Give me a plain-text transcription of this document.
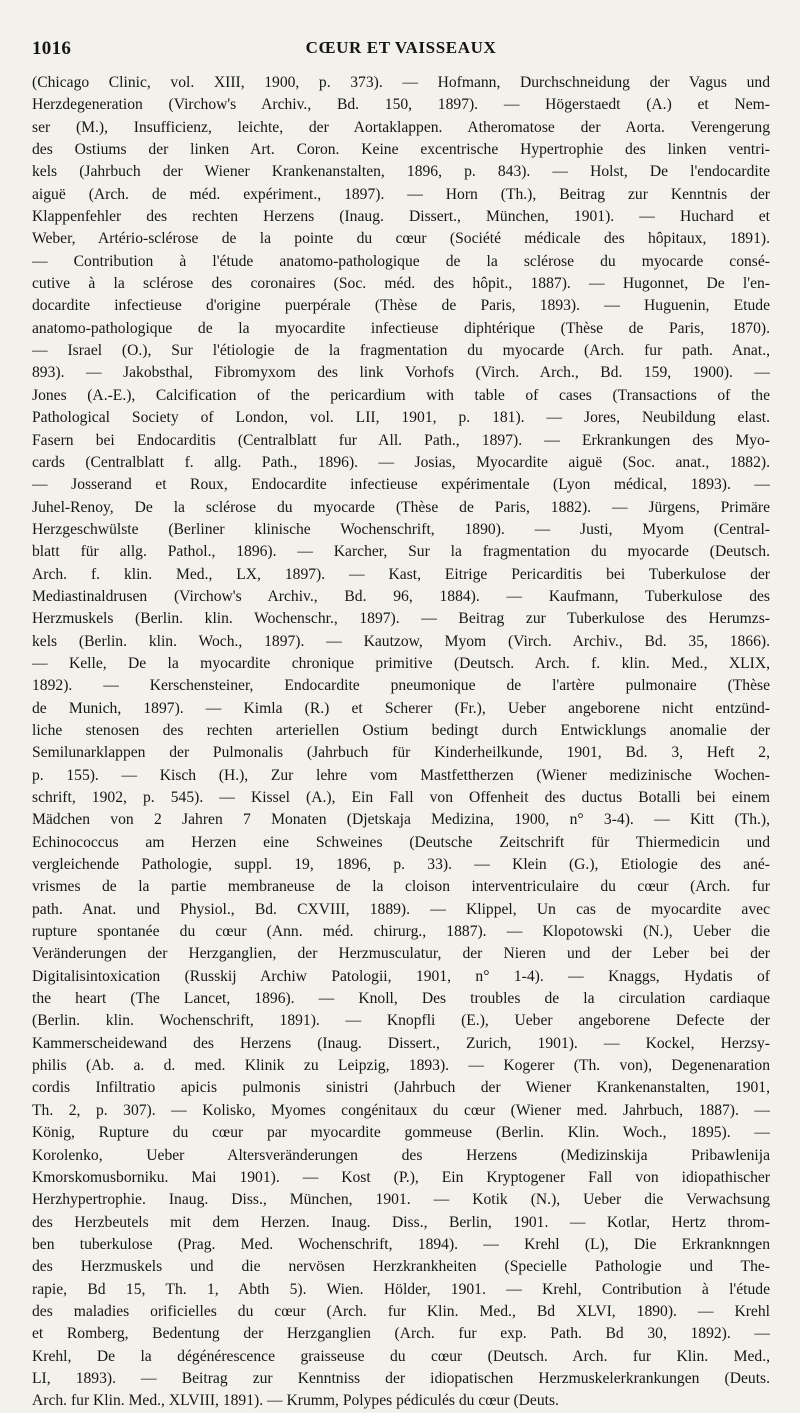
1016	CŒUR ET VAISSEAUX
(Chicago Clinic, vol. XIII, 1900, p. 373). — Hofmann, Durchschneidung der Vagus und
Herzdegeneration (Virchow's Archiv., Bd. 150, 1897). — Högerstaedt (A.) et Nem-
ser (M.), Insufficienz, leichte, der Aortaklappen. Atheromatose der Aorta. Verengerung
des Ostiums der linken Art. Coron. Keine excentrische Hypertrophie des linken ventri-
kels (Jahrbuch der Wiener Krankenanstalten, 1896, p. 843). — Holst, De l'endocardite
aiguë (Arch. de méd. expériment., 1897). — Horn (Th.), Beitrag zur Kenntnis der
Klappenfehler des rechten Herzens (Inaug. Dissert., München, 1901). — Huchard et
Weber, Artério-sclérose de la pointe du cœur (Société médicale des hôpitaux, 1891).
— Contribution à l'étude anatomo-pathologique de la sclérose du myocarde consé-
cutive à la sclérose des coronaires (Soc. méd. des hôpit., 1887). — Hugonnet, De l'en-
docardite infectieuse d'origine puerpérale (Thèse de Paris, 1893). — Huguenin, Etude
anatomo-pathologique de la myocardite infectieuse diphtérique (Thèse de Paris, 1870).
— Israel (O.), Sur l'étiologie de la fragmentation du myocarde (Arch. fur path. Anat.,
893). — Jakobsthal, Fibromyxom des link Vorhofs (Virch. Arch., Bd. 159, 1900). —
Jones (A.-E.), Calcification of the pericardium with table of cases (Transactions of the
Pathological Society of London, vol. LII, 1901, p. 181). — Jores, Neubildung elast.
Fasern bei Endocarditis (Centralblatt fur All. Path., 1897). — Erkrankungen des Myo-
cards (Centralblatt f. allg. Path., 1896). — Josias, Myocardite aiguë (Soc. anat., 1882).
— Josserand et Roux, Endocardite infectieuse expérimentale (Lyon médical, 1893). —
Juhel-Renoy, De la sclérose du myocarde (Thèse de Paris, 1882). — Jürgens, Primäre
Herzgeschwülste (Berliner klinische Wochenschrift, 1890). — Justi, Myom (Central-
blatt für allg. Pathol., 1896). — Karcher, Sur la fragmentation du myocarde (Deutsch.
Arch. f. klin. Med., LX, 1897). — Kast, Eitrige Pericarditis bei Tuberkulose der
Mediastinaldrusen (Virchow's Archiv., Bd. 96, 1884). — Kaufmann, Tuberkulose des
Herzmuskels (Berlin. klin. Wochenschr., 1897). — Beitrag zur Tuberkulose des Herumzs-
kels (Berlin. klin. Woch., 1897). — Kautzow, Myom (Virch. Archiv., Bd. 35, 1866).
— Kelle, De la myocardite chronique primitive (Deutsch. Arch. f. klin. Med., XLIX,
1892). — Kerschensteiner, Endocardite pneumonique de l'artère pulmonaire (Thèse
de Munich, 1897). — Kimla (R.) et Scherer (Fr.), Ueber angeborene nicht entzünd-
liche stenosen des rechten arteriellen Ostium bedingt durch Entwicklungs anomalie der
Semilunarklappen der Pulmonalis (Jahrbuch für Kinderheilkunde, 1901, Bd. 3, Heft 2,
p. 155). — Kisch (H.), Zur lehre vom Mastfettherzen (Wiener medizinische Wochen-
schrift, 1902, p. 545). — Kissel (A.), Ein Fall von Offenheit des ductus Botalli bei einem
Mädchen von 2 Jahren 7 Monaten (Djetskaja Medizina, 1900, n° 3-4). — Kitt (Th.),
Echinococcus am Herzen eine Schweines (Deutsche Zeitschrift für Thiermedicin und
vergleichende Pathologie, suppl. 19, 1896, p. 33). — Klein (G.), Etiologie des ané-
vrismes de la partie membraneuse de la cloison interventriculaire du cœur (Arch. fur
path. Anat. und Physiol., Bd. CXVIII, 1889). — Klippel, Un cas de myocardite avec
rupture spontanée du cœur (Ann. méd. chirurg., 1887). — Klopotowski (N.), Ueber die
Veränderungen der Herzganglien, der Herzmusculatur, der Nieren und der Leber bei der
Digitalisintoxication (Russkij Archiw Patologii, 1901, n° 1-4). — Knaggs, Hydatis of
the heart (The Lancet, 1896). — Knoll, Des troubles de la circulation cardiaque
(Berlin. klin. Wochenschrift, 1891). — Knopfli (E.), Ueber angeborene Defecte der
Kammerscheidewand des Herzens (Inaug. Dissert., Zurich, 1901). — Kockel, Herzsy-
philis (Ab. a. d. med. Klinik zu Leipzig, 1893). — Kogerer (Th. von), Degenenaration
cordis Infiltratio apicis pulmonis sinistri (Jahrbuch der Wiener Krankenanstalten, 1901,
Th. 2, p. 307). — Kolisko, Myomes congénitaux du cœur (Wiener med. Jahrbuch, 1887). —
König, Rupture du cœur par myocardite gommeuse (Berlin. Klin. Woch., 1895). —
Korolenko, Ueber Altersveränderungen des Herzens (Medizinskija Pribawlenija
Kmorskomusborniku. Mai 1901). — Kost (P.), Ein Kryptogener Fall von idiopathischer
Herzhypertrophie. Inaug. Diss., München, 1901. — Kotik (N.), Ueber die Verwachsung
des Herzbeutels mit dem Herzen. Inaug. Diss., Berlin, 1901. — Kotlar, Hertz throm-
ben tuberkulose (Prag. Med. Wochenschrift, 1894). — Krehl (L), Die Erkranknngen
des Herzmuskels und die nervösen Herzkrankheiten (Specielle Pathologie und The-
rapie, Bd 15, Th. 1, Abth 5). Wien. Hölder, 1901. — Krehl, Contribution à l'étude
des maladies orificielles du cœur (Arch. fur Klin. Med., Bd XLVI, 1890). — Krehl
et Romberg, Bedentung der Herzganglien (Arch. fur exp. Path. Bd 30, 1892). —
Krehl, De la dégénérescence graisseuse du cœur (Deutsch. Arch. fur Klin. Med.,
LI, 1893). — Beitrag zur Kenntniss der idiopatischen Herzmuskelerkrankungen (Deuts.
Arch. fur Klin. Med., XLVIII, 1891). — Krumm, Polypes pédiculés du cœur (Deuts.
